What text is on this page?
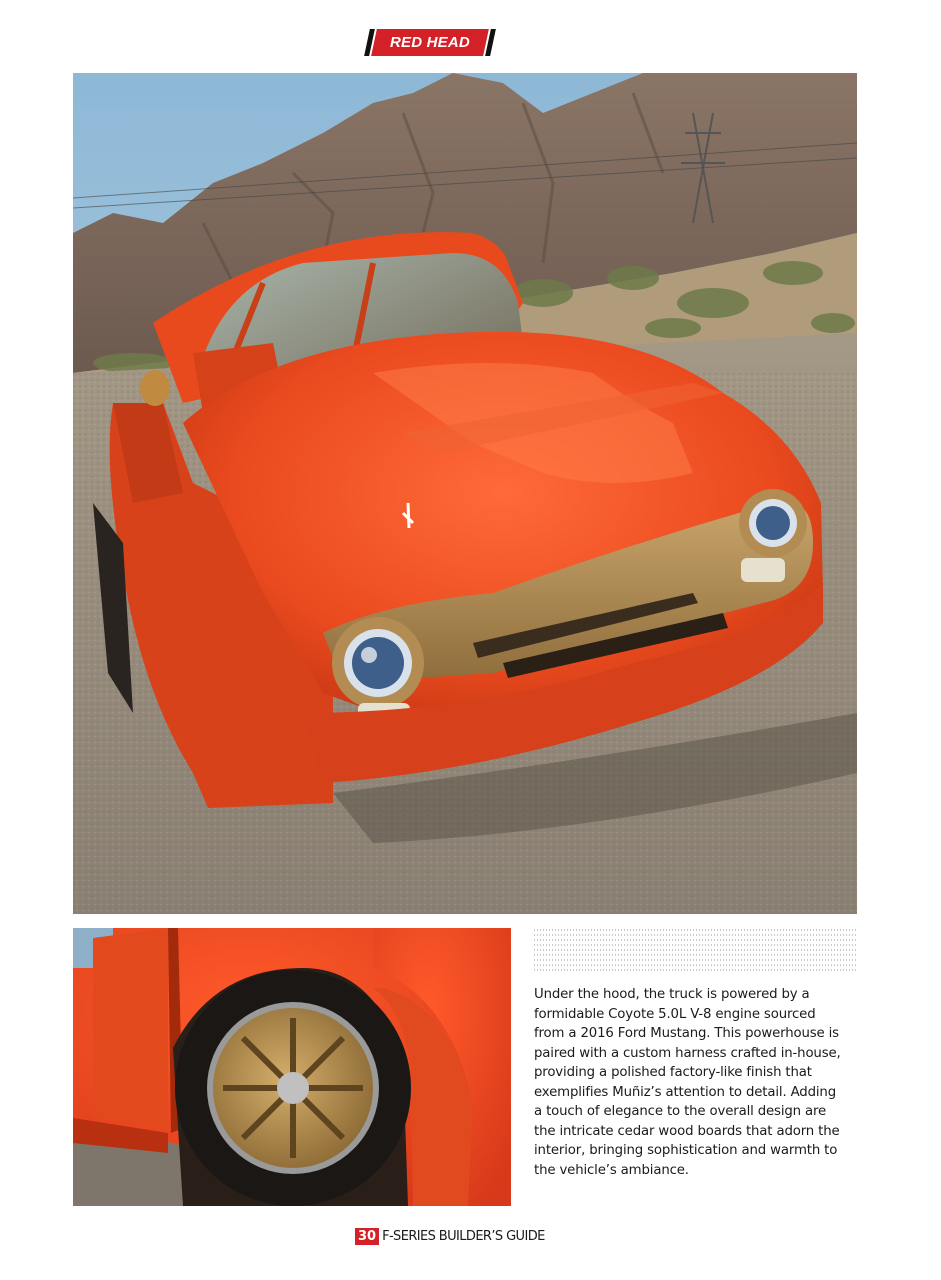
RED HEAD

Under the hood, the truck is powered by a formidable Coyote 5.0L V-8 engine sourced from a 2016 Ford Mustang. This powerhouse is paired with a custom harness crafted in-house, providing a polished factory-like finish that exemplifies Muñiz’s attention to detail. Adding a touch of elegance to the overall design are the intricate cedar wood boards that adorn the interior, bringing sophistication and warmth to the vehicle’s ambiance.

30 F-SERIES BUILDER’S GUIDE
